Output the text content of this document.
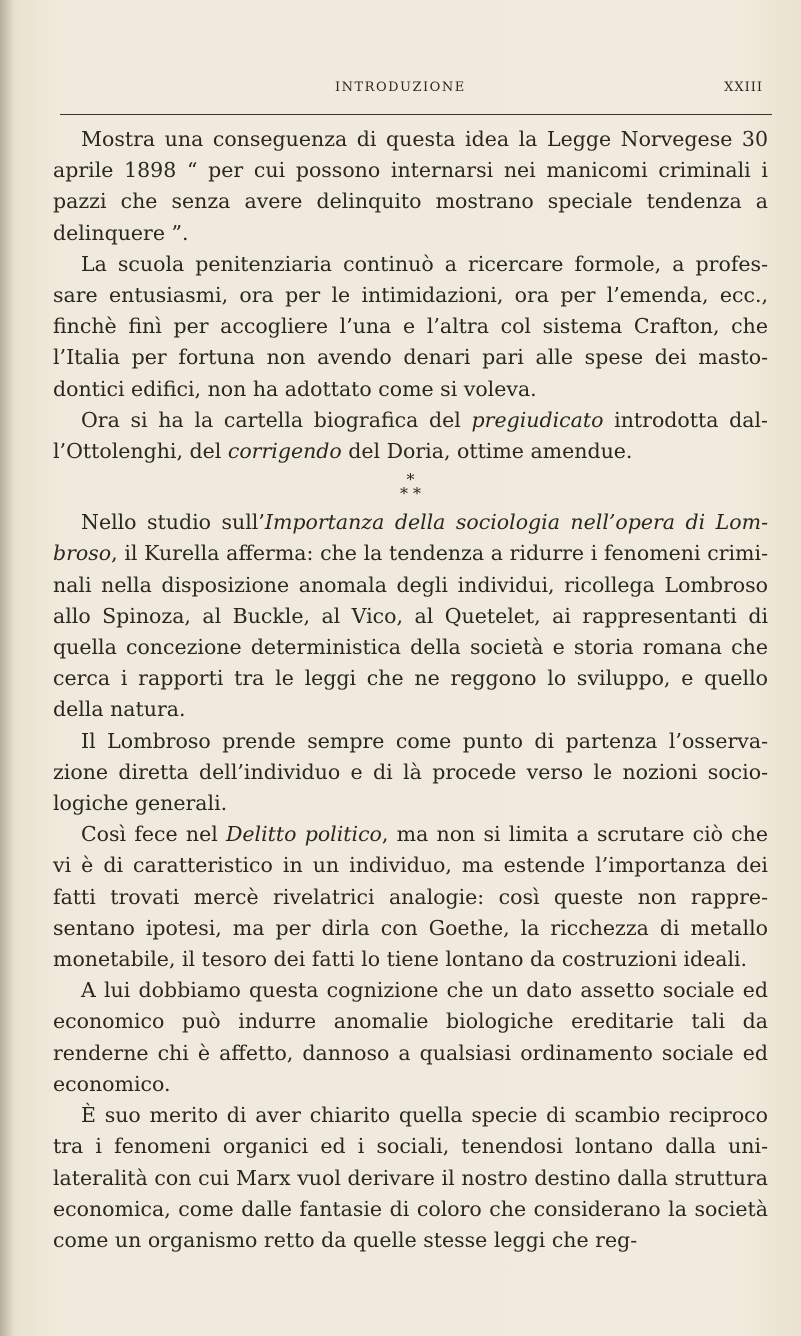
INTRODUZIONE	XXIII

Mostra una conseguenza di questa idea la Legge Norvegese 30 aprile 1898 “ per cui possono internarsi nei manicomi criminali i pazzi che senza avere delinquito mostrano speciale tendenza a delinquere ”.

La scuola penitenziaria continuò a ricercare formole, a professare entusiasmi, ora per le intimidazioni, ora per l’emenda, ecc., finchè finì per accogliere l’una e l’altra col sistema Crafton, che l’Italia per fortuna non avendo denari pari alle spese dei mastodontici edifici, non ha adottato come si voleva.

Ora si ha la cartella biografica del pregiudicato introdotta dall’Ottolenghi, del corrigendo del Doria, ottime amendue.

*
* *

Nello studio sull’Importanza della sociologia nell’opera di Lombroso, il Kurella afferma: che la tendenza a ridurre i fenomeni criminali nella disposizione anomala degli individui, ricollega Lombroso allo Spinoza, al Buckle, al Vico, al Quetelet, ai rappresentanti di quella concezione deterministica della società e storia romana che cerca i rapporti tra le leggi che ne reggono lo sviluppo, e quello della natura.

Il Lombroso prende sempre come punto di partenza l’osservazione diretta dell’individuo e di là procede verso le nozioni sociologiche generali.

Così fece nel Delitto politico, ma non si limita a scrutare ciò che vi è di caratteristico in un individuo, ma estende l’importanza dei fatti trovati mercè rivelatrici analogie: così queste non rappresentano ipotesi, ma per dirla con Goethe, la ricchezza di metallo monetabile, il tesoro dei fatti lo tiene lontano da costruzioni ideali.

A lui dobbiamo questa cognizione che un dato assetto sociale ed economico può indurre anomalie biologiche ereditarie tali da renderne chi è affetto, dannoso a qualsiasi ordinamento sociale ed economico.

È suo merito di aver chiarito quella specie di scambio reciproco tra i fenomeni organici ed i sociali, tenendosi lontano dalla unilateralità con cui Marx vuol derivare il nostro destino dalla struttura economica, come dalle fantasie di coloro che considerano la società come un organismo retto da quelle stesse leggi che reg-
